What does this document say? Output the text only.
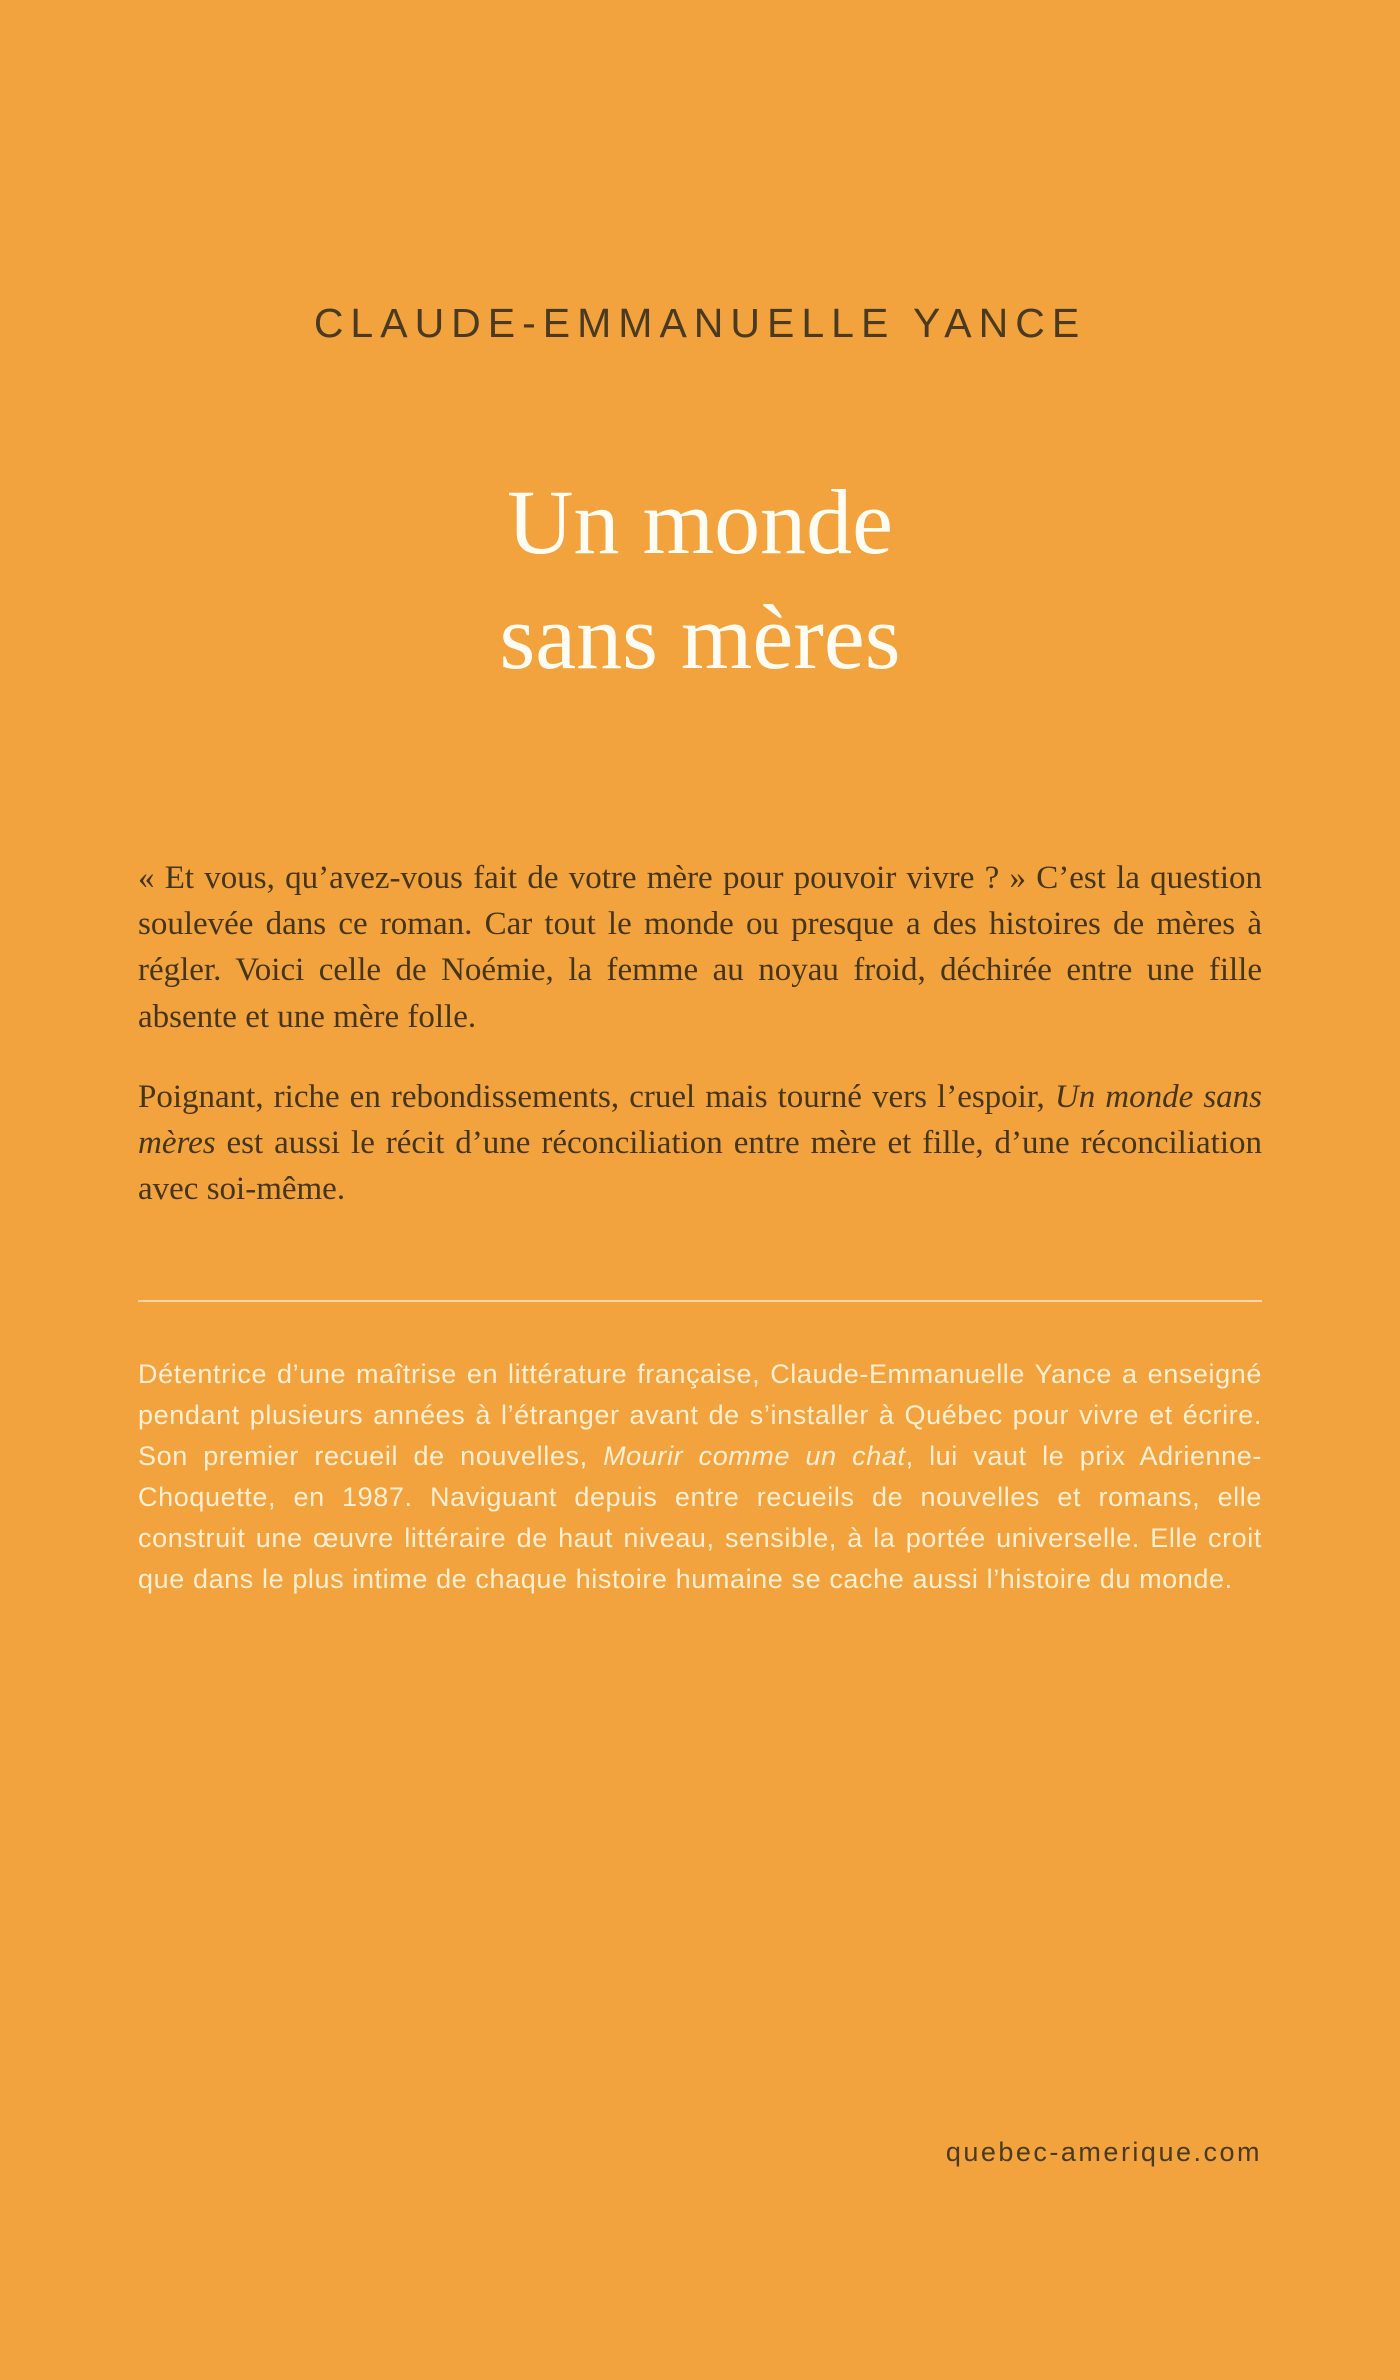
CLAUDE-EMMANUELLE YANCE
Un monde
sans mères

« Et vous, qu’avez-vous fait de votre mère pour pouvoir vivre ? » C’est la question soulevée dans ce roman. Car tout le monde ou presque a des histoires de mères à régler. Voici celle de Noémie, la femme au noyau froid, déchirée entre une fille absente et une mère folle.

Poignant, riche en rebondissements, cruel mais tourné vers l’espoir, Un monde sans mères est aussi le récit d’une réconciliation entre mère et fille, d’une réconciliation avec soi-même.

Détentrice d’une maîtrise en littérature française, Claude-Emmanuelle Yance a enseigné pendant plusieurs années à l’étranger avant de s’installer à Québec pour vivre et écrire. Son premier recueil de nouvelles, Mourir comme un chat, lui vaut le prix Adrienne-Choquette, en 1987. Naviguant depuis entre recueils de nouvelles et romans, elle construit une œuvre littéraire de haut niveau, sensible, à la portée universelle. Elle croit que dans le plus intime de chaque histoire humaine se cache aussi l’histoire du monde.

quebec-amerique.com
